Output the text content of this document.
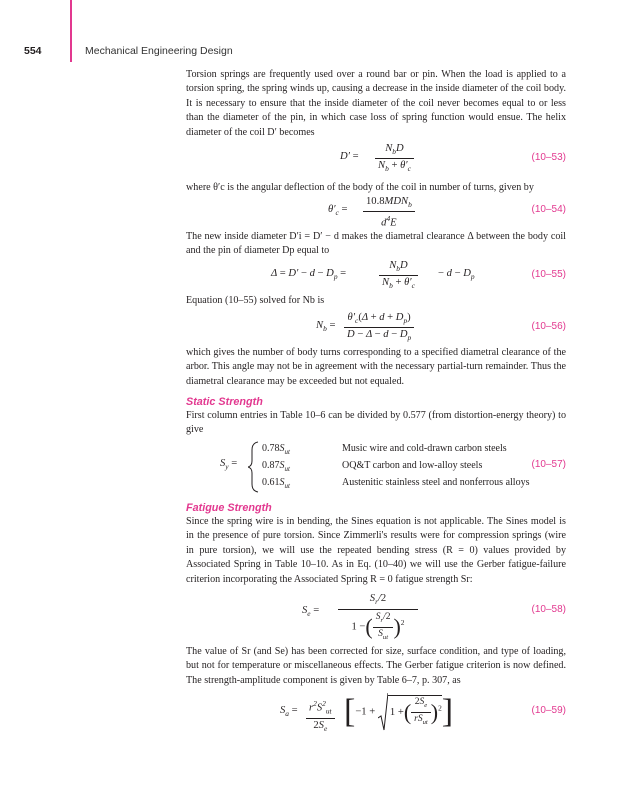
554	Mechanical Engineering Design
Torsion springs are frequently used over a round bar or pin. When the load is applied to a torsion spring, the spring winds up, causing a decrease in the inside diameter of the coil body. It is necessary to ensure that the inside diameter of the coil never becomes equal to or less than the diameter of the pin, in which case loss of spring function would ensue. The helix diameter of the coil D′ becomes
D′ =
$N_bD$
$N_b + \theta'_c$
(10–53)
where θ′c is the angular deflection of the body of the coil in number of turns, given by
$\theta'_c$ =
$10.8MDN_b$
$d^4E$
(10–54)
The new inside diameter D′i = D′ − d makes the diametral clearance Δ between the body coil and the pin of diameter Dp equal to
$\Delta = D' - d - D_p$ =
$N_bD$
$N_b + \theta'_c$
− $d - D_p$	(10–55)
Equation (10–55) solved for Nb is
$N_b = \frac{\theta'_c(\Delta + d + D_p)}{D - \Delta - d - D_p}$	(10–56)
which gives the number of body turns corresponding to a specified diametral clearance of the arbor. This angle may not be in agreement with the necessary partial-turn remainder. Thus the diametral clearance may be exceeded but not equaled.
Static Strength
First column entries in Table 10–6 can be divided by 0.577 (from distortion-energy theory) to give
$S_y$ =
$0.78S_{ut}$	Music wire and cold-drawn carbon steels
$0.87S_{ut}$	OQ&T carbon and low-alloy steels
$0.61S_{ut}$	Austenitic stainless steel and nonferrous alloys
(10–57)
Fatigue Strength
Since the spring wire is in bending, the Sines equation is not applicable. The Sines model is in the presence of pure torsion. Since Zimmerli's results were for compression springs (wire in pure torsion), we will use the repeated bending stress (R = 0) values provided by Associated Spring in Table 10–10. As in Eq. (10–40) we will use the Gerber fatigue-failure criterion incorporating the Associated Spring R = 0 fatigue strength Sr:
$S_e$ =
$S_r/2$
1 −( $\frac{S_r/2}{S_{ut}} )^2$
(10–58)
The value of Sr (and Se) has been corrected for size, surface condition, and type of loading, but not for temperature or miscellaneous effects. The Gerber fatigue criterion is now defined. The strength-amplitude component is given by Table 6–7, p. 307, as
$S_a = \frac{r^2S^2_{ut}}{2S_e} [-1 + 1$ +( $\frac{2S_e}{rS_{ut}} )^2$]	(10–59)
